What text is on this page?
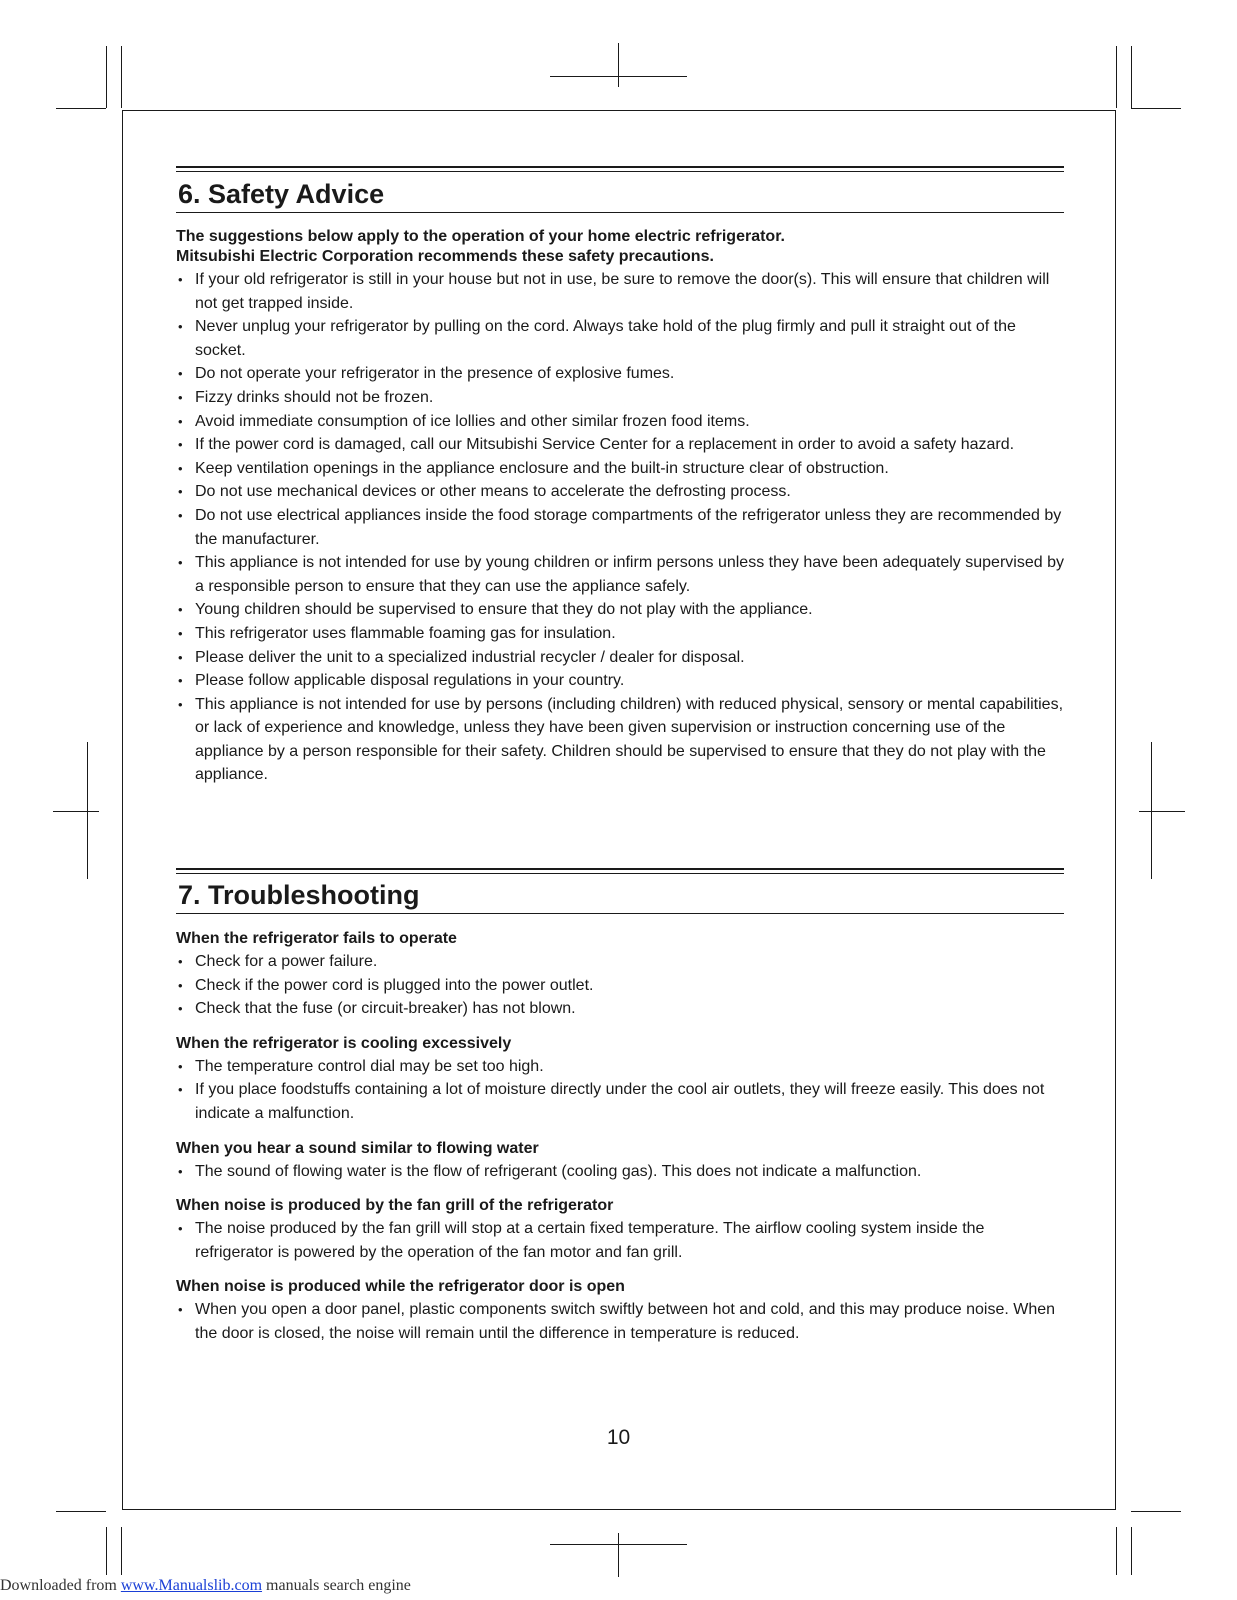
6. Safety Advice

The suggestions below apply to the operation of your home electric refrigerator.

Mitsubishi Electric Corporation recommends these safety precautions.

• If your old refrigerator is still in your house but not in use, be sure to remove the door(s). This will ensure that children will not get trapped inside.
• Never unplug your refrigerator by pulling on the cord. Always take hold of the plug firmly and pull it straight out of the socket.
• Do not operate your refrigerator in the presence of explosive fumes.
• Fizzy drinks should not be frozen.
• Avoid immediate consumption of ice lollies and other similar frozen food items.
• If the power cord is damaged, call our Mitsubishi Service Center for a replacement in order to avoid a safety hazard.
• Keep ventilation openings in the appliance enclosure and the built-in structure clear of obstruction.
• Do not use mechanical devices or other means to accelerate the defrosting process.
• Do not use electrical appliances inside the food storage compartments of the refrigerator unless they are recommended by the manufacturer.
• This appliance is not intended for use by young children or infirm persons unless they have been adequately supervised by a responsible person to ensure that they can use the appliance safely.
• Young children should be supervised to ensure that they do not play with the appliance.
• This refrigerator uses flammable foaming gas for insulation.
• Please deliver the unit to a specialized industrial recycler / dealer for disposal.
• Please follow applicable disposal regulations in your country.
• This appliance is not intended for use by persons (including children) with reduced physical, sensory or mental capabilities, or lack of experience and knowledge, unless they have been given supervision or instruction concerning use of the appliance by a person responsible for their safety. Children should be supervised to ensure that they do not play with the appliance.
7. Troubleshooting

When the refrigerator fails to operate

• Check for a power failure.
• Check if the power cord is plugged into the power outlet.
• Check that the fuse (or circuit-breaker) has not blown.

When the refrigerator is cooling excessively

• The temperature control dial may be set too high.
• If you place foodstuffs containing a lot of moisture directly under the cool air outlets, they will freeze easily. This does not indicate a malfunction.

When you hear a sound similar to flowing water

• The sound of flowing water is the flow of refrigerant (cooling gas). This does not indicate a malfunction.

When noise is produced by the fan grill of the refrigerator

• The noise produced by the fan grill will stop at a certain fixed temperature. The airflow cooling system inside the refrigerator is powered by the operation of the fan motor and fan grill.

When noise is produced while the refrigerator door is open

• When you open a door panel, plastic components switch swiftly between hot and cold, and this may produce noise. When the door is closed, the noise will remain until the difference in temperature is reduced.
10
Downloaded from www.Manualslib.com manuals search engine
